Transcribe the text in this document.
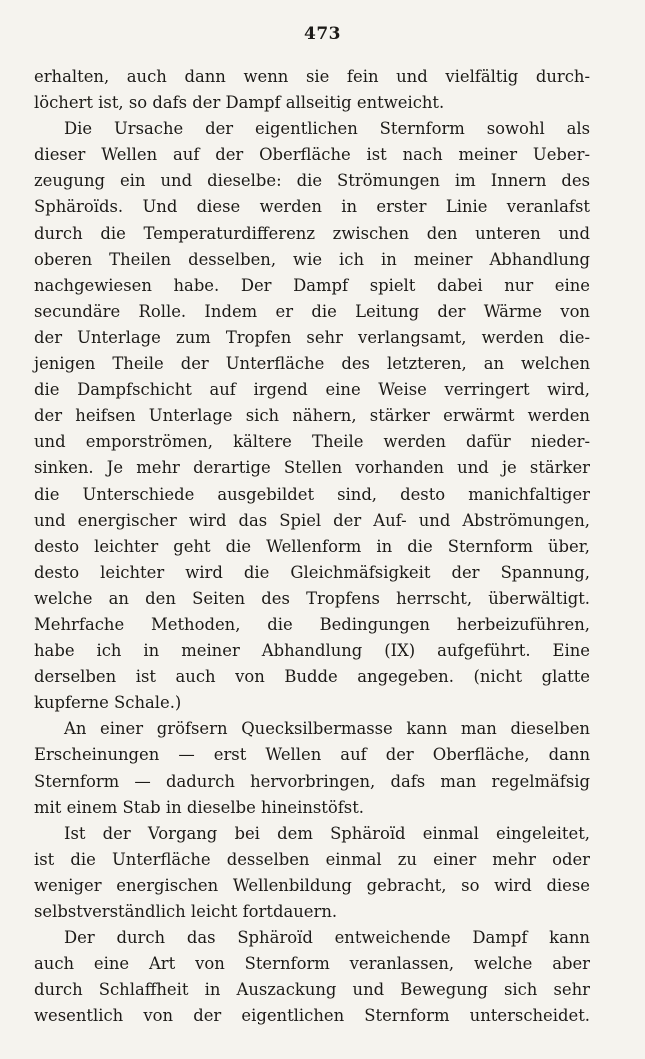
473
erhalten, auch dann wenn sie fein und vielfältig durch-
löchert ist, so dafs der Dampf allseitig entweicht.
Die Ursache der eigentlichen Sternform sowohl als
dieser Wellen auf der Oberfläche ist nach meiner Ueber-
zeugung ein und dieselbe: die Strömungen im Innern des
Sphäroïds. Und diese werden in erster Linie veranlafst
durch die Temperaturdifferenz zwischen den unteren und
oberen Theilen desselben, wie ich in meiner Abhandlung
nachgewiesen habe. Der Dampf spielt dabei nur eine
secundäre Rolle. Indem er die Leitung der Wärme von
der Unterlage zum Tropfen sehr verlangsamt, werden die-
jenigen Theile der Unterfläche des letzteren, an welchen
die Dampfschicht auf irgend eine Weise verringert wird,
der heifsen Unterlage sich nähern, stärker erwärmt werden
und emporströmen, kältere Theile werden dafür nieder-
sinken. Je mehr derartige Stellen vorhanden und je stärker
die Unterschiede ausgebildet sind, desto manichfaltiger
und energischer wird das Spiel der Auf- und Abströmungen,
desto leichter geht die Wellenform in die Sternform über,
desto leichter wird die Gleichmäfsigkeit der Spannung,
welche an den Seiten des Tropfens herrscht, überwältigt.
Mehrfache Methoden, die Bedingungen herbeizuführen,
habe ich in meiner Abhandlung (IX) aufgeführt. Eine
derselben ist auch von Budde angegeben. (nicht glatte
kupferne Schale.)
An einer gröfsern Quecksilbermasse kann man dieselben
Erscheinungen — erst Wellen auf der Oberfläche, dann
Sternform — dadurch hervorbringen, dafs man regelmäfsig
mit einem Stab in dieselbe hineinstöfst.
Ist der Vorgang bei dem Sphäroïd einmal eingeleitet,
ist die Unterfläche desselben einmal zu einer mehr oder
weniger energischen Wellenbildung gebracht, so wird diese
selbstverständlich leicht fortdauern.
Der durch das Sphäroïd entweichende Dampf kann
auch eine Art von Sternform veranlassen, welche aber
durch Schlaffheit in Auszackung und Bewegung sich sehr
wesentlich von der eigentlichen Sternform unterscheidet.
